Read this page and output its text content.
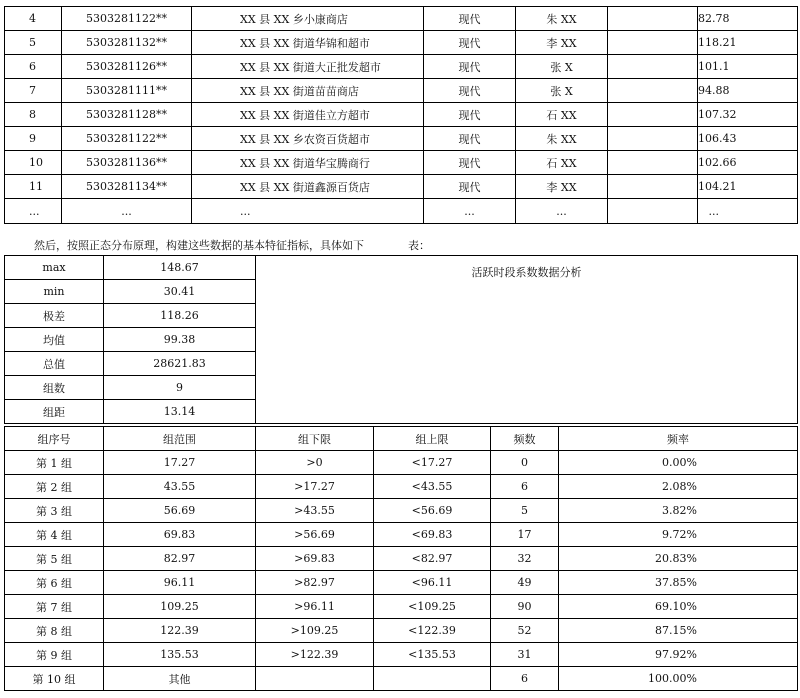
4	5303281122**	XX 县 XX 乡小康商店	现代	朱 XX		82.78
5	5303281132**	XX 县 XX 街道华锦和超市	现代	李 XX		118.21
6	5303281126**	XX 县 XX 街道大正批发超市	现代	张 X		101.1
7	5303281111**	XX 县 XX 街道苗苗商店	现代	张 X		94.88
8	5303281128**	XX 县 XX 街道佳立方超市	现代	石 XX		107.32
9	5303281122**	XX 县 XX 乡农资百货超市	现代	朱 XX		106.43
10	5303281136**	XX 县 XX 街道华宝腾商行	现代	石 XX		102.66
11	5303281134**	XX 县 XX 街道鑫源百货店	现代	李 XX		104.21
...	...	...	...	...		...
然后，按照正态分布原理，构建这些数据的基本特征指标，具体如下	表：
max	148.67	活跃时段系数数据分析
min	30.41	
极差	118.26	
均值	99.38	
总值	28621.83	
组数	9	
组距	13.14	
组序号	组范围	组下限	组上限	频数	频率
第 1 组	17.27	>0	<17.27	0	0.00%
第 2 组	43.55	>17.27	<43.55	6	2.08%
第 3 组	56.69	>43.55	<56.69	5	3.82%
第 4 组	69.83	>56.69	<69.83	17	9.72%
第 5 组	82.97	>69.83	<82.97	32	20.83%
第 6 组	96.11	>82.97	<96.11	49	37.85%
第 7 组	109.25	>96.11	<109.25	90	69.10%
第 8 组	122.39	>109.25	<122.39	52	87.15%
第 9 组	135.53	>122.39	<135.53	31	97.92%
第 10 组	其他			6	100.00%
